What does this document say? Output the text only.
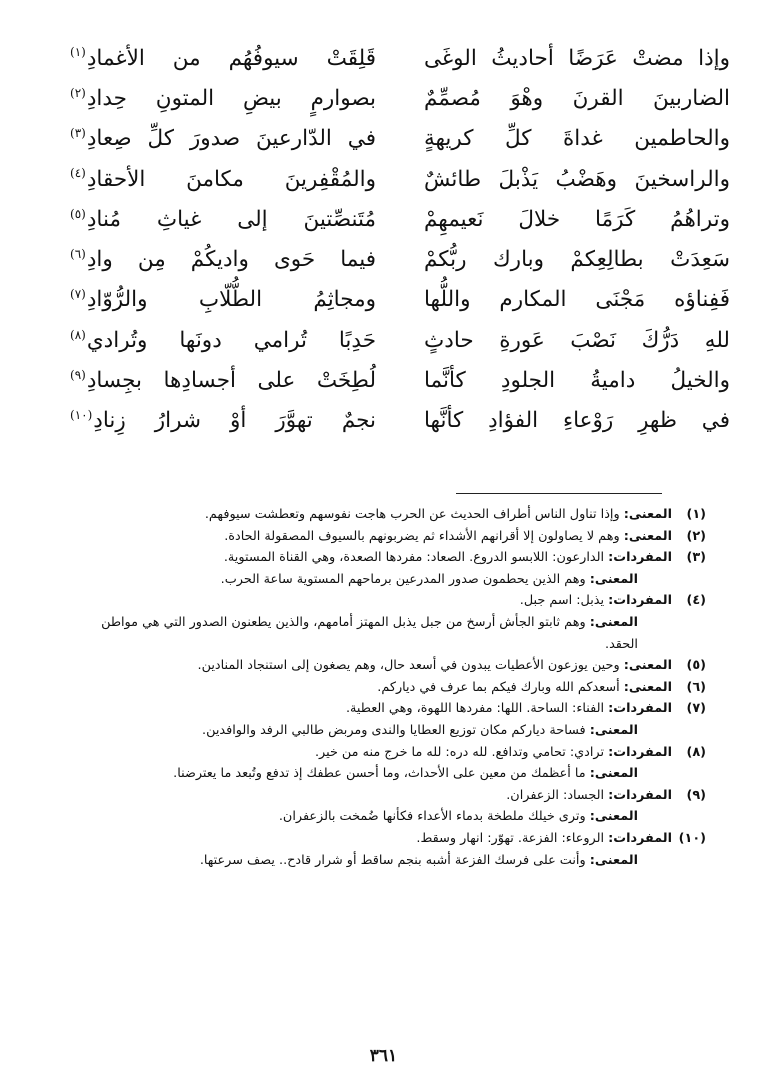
وإذا مضتْ عَرَضًا أحاديثُ الوغَى
قَلِقَتْ سيوفُهُم من الأغمادِ$^{(١)}$
الضاربينَ القرنَ وهْوَ مُصمِّمٌ
بصوارمٍ بيضِ المتونِ حِدادِ$^{(٢)}$
والحاطمين غداةَ كلِّ كريهةٍ
في الدّارعينَ صدورَ كلِّ صِعادِ$^{(٣)}$
والراسخينَ وهَضْبُ يَذْبلَ طائشٌ
والمُقْفِرينَ مكامنَ الأحقادِ$^{(٤)}$
وتراهُمُ كَرَمًا خلالَ نَعيمهِمْ
مُتَنصِّتينَ إلى غياثِ مُنادِ$^{(٥)}$
سَعِدَتْ بطالِعِكمْ وبارك ربُّكمْ
فيما حَوى واديكُمْ مِن وادِ$^{(٦)}$
فَفِناؤه مَجْنَى المكارم واللُّها
ومجاثِمُ الطُّلّابِ والرُّوّادِ$^{(٧)}$
للهِ دَرُّكَ نَصْبَ عَورةِ حادثٍ
حَدِبًا تُرامي دونَها وتُرادي$^{(٨)}$
والخيلُ داميةُ الجلودِ كأنَّما
لُطِخَتْ على أجسادِها بجِسادِ$^{(٩)}$
في ظهرِ رَوْعاءِ الفؤادِ كأنَّها
نجمٌ تهوَّرَ أوْ شرارُ زِنادِ$^{(١٠)}$
(١)
المعنى: وإذا تناول الناس أطراف الحديث عن الحرب هاجت نفوسهم وتعطشت سيوفهم.
(٢)
المعنى: وهم لا يصاولون إلا أقرانهم الأشداء ثم يضربونهم بالسيوف المصقولة الحادة.
(٣)
المفردات: الدارعون: اللابسو الدروع. الصعاد: مفردها الصعدة، وهي القناة المستوية.
المعنى: وهم الذين يحطمون صدور المدرعين برماحهم المستوية ساعة الحرب.
(٤)
المفردات: يذبل: اسم جبل.
المعنى: وهم ثابتو الجأش أرسخ من جبل يذبل المهتز أمامهم، والذين يطعنون الصدور التي هي مواطن الحقد.
(٥)
المعنى: وحين يوزعون الأعطيات يبدون في أسعد حال، وهم يصغون إلى استنجاد المنادين.
(٦)
المعنى: أسعدكم الله وبارك فيكم بما عرف في دياركم.
(٧)
المفردات: الفناء: الساحة. اللها: مفردها اللهوة، وهي العطية.
المعنى: فساحة دياركم مكان توزيع العطايا والندى ومربض طالبي الرفد والوافدين.
(٨)
المفردات: ترادي: تحامي وتدافع. لله دره: لله ما خرج منه من خير.
المعنى: ما أعظمك من معين على الأحداث، وما أحسن عطفك إذ تدفع وتُبعد ما يعترضنا.
(٩)
المفردات: الجساد: الزعفران.
المعنى: وترى خيلك ملطخة بدماء الأعداء فكأنها ضُمخت بالزعفران.
(١٠)
المفردات: الروعاء: الفزعة. تهوّر: انهار وسقط.
المعنى: وأنت على فرسك الفزعة أشبه بنجم ساقط أو شرار قادح.. يصف سرعتها.
٣٦١
